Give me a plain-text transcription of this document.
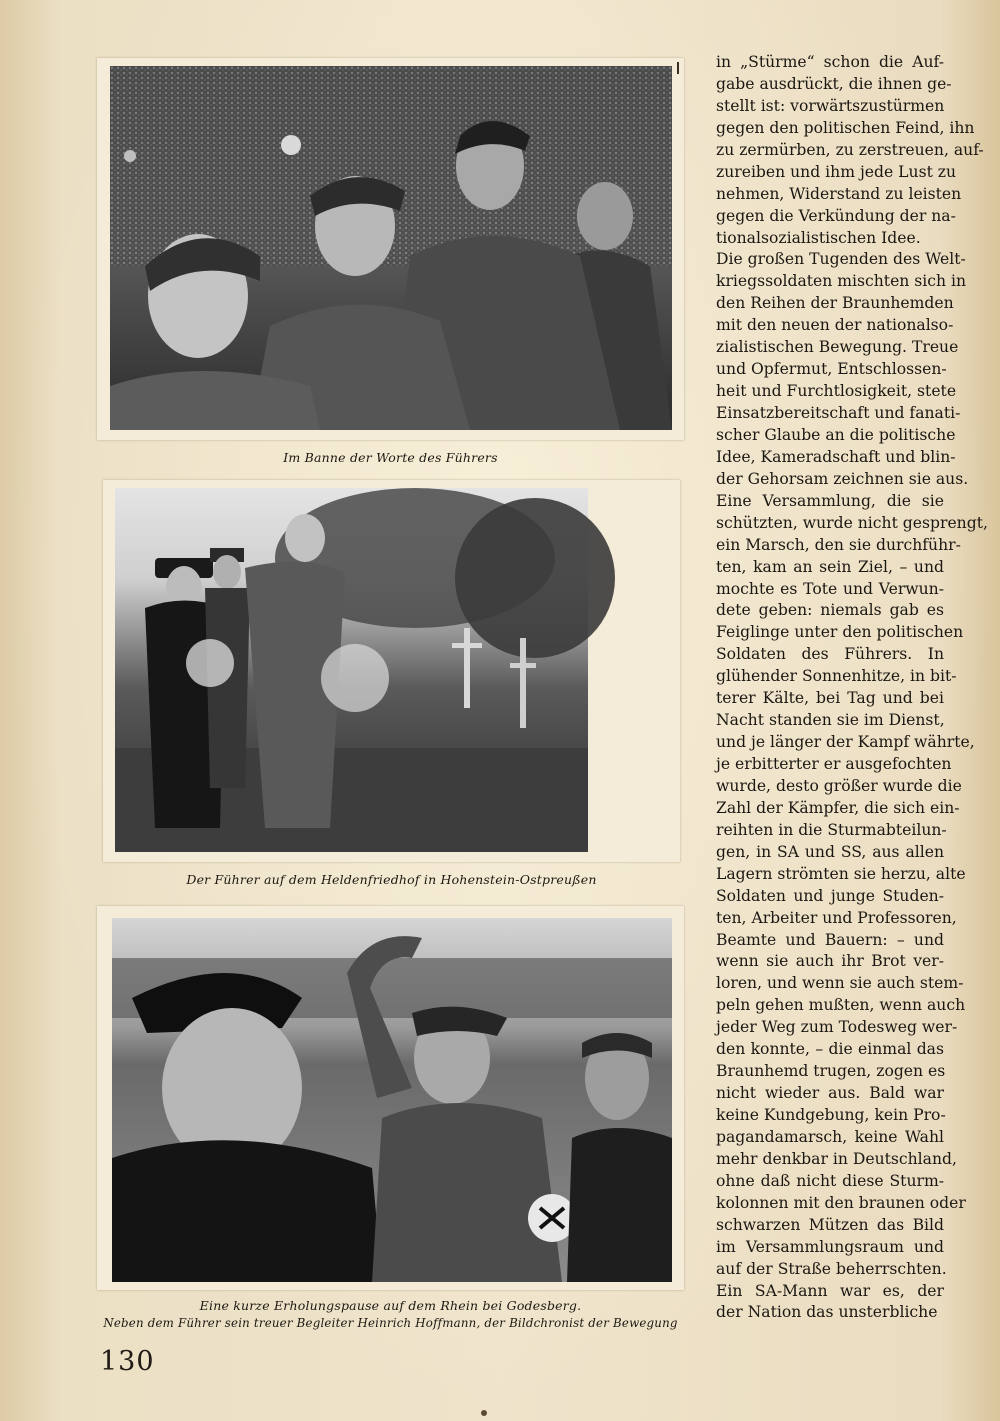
Im Banne der Worte des Führers
Der Führer auf dem Heldenfriedhof in Hohenstein-Ostpreußen
Eine kurze Erholungspause auf dem Rhein bei Godesberg.
Neben dem Führer sein treuer Begleiter Heinrich Hoffmann, der Bildchronist der Bewegung
in „Stürme“ schon die Auf-
gabe ausdrückt, die ihnen ge-
stellt ist: vorwärtszustürmen
gegen den politischen Feind, ihn
zu zermürben, zu zerstreuen, auf-
zureiben und ihm jede Lust zu
nehmen, Widerstand zu leisten
gegen die Verkündung der na-
tionalsozialistischen Idee.
Die großen Tugenden des Welt-
kriegssoldaten mischten sich in
den Reihen der Braunhemden
mit den neuen der nationalso-
zialistischen Bewegung. Treue
und Opfermut, Entschlossen-
heit und Furchtlosigkeit, stete
Einsatzbereitschaft und fanati-
scher Glaube an die politische
Idee, Kameradschaft und blin-
der Gehorsam zeichnen sie aus.
Eine Versammlung, die sie
schützten, wurde nicht gesprengt,
ein Marsch, den sie durchführ-
ten, kam an sein Ziel, – und
mochte es Tote und Verwun-
dete geben: niemals gab es
Feiglinge unter den politischen
Soldaten des Führers. In
glühender Sonnenhitze, in bit-
terer Kälte, bei Tag und bei
Nacht standen sie im Dienst,
und je länger der Kampf währte,
je erbitterter er ausgefochten
wurde, desto größer wurde die
Zahl der Kämpfer, die sich ein-
reihten in die Sturmabteilun-
gen, in SA und SS, aus allen
Lagern strömten sie herzu, alte
Soldaten und junge Studen-
ten, Arbeiter und Professoren,
Beamte und Bauern: – und
wenn sie auch ihr Brot ver-
loren, und wenn sie auch stem-
peln gehen mußten, wenn auch
jeder Weg zum Todesweg wer-
den konnte, – die einmal das
Braunhemd trugen, zogen es
nicht wieder aus. Bald war
keine Kundgebung, kein Pro-
pagandamarsch, keine Wahl
mehr denkbar in Deutschland,
ohne daß nicht diese Sturm-
kolonnen mit den braunen oder
schwarzen Mützen das Bild
im Versammlungsraum und
auf der Straße beherrschten.
Ein SA-Mann war es, der
der Nation das unsterbliche
130
